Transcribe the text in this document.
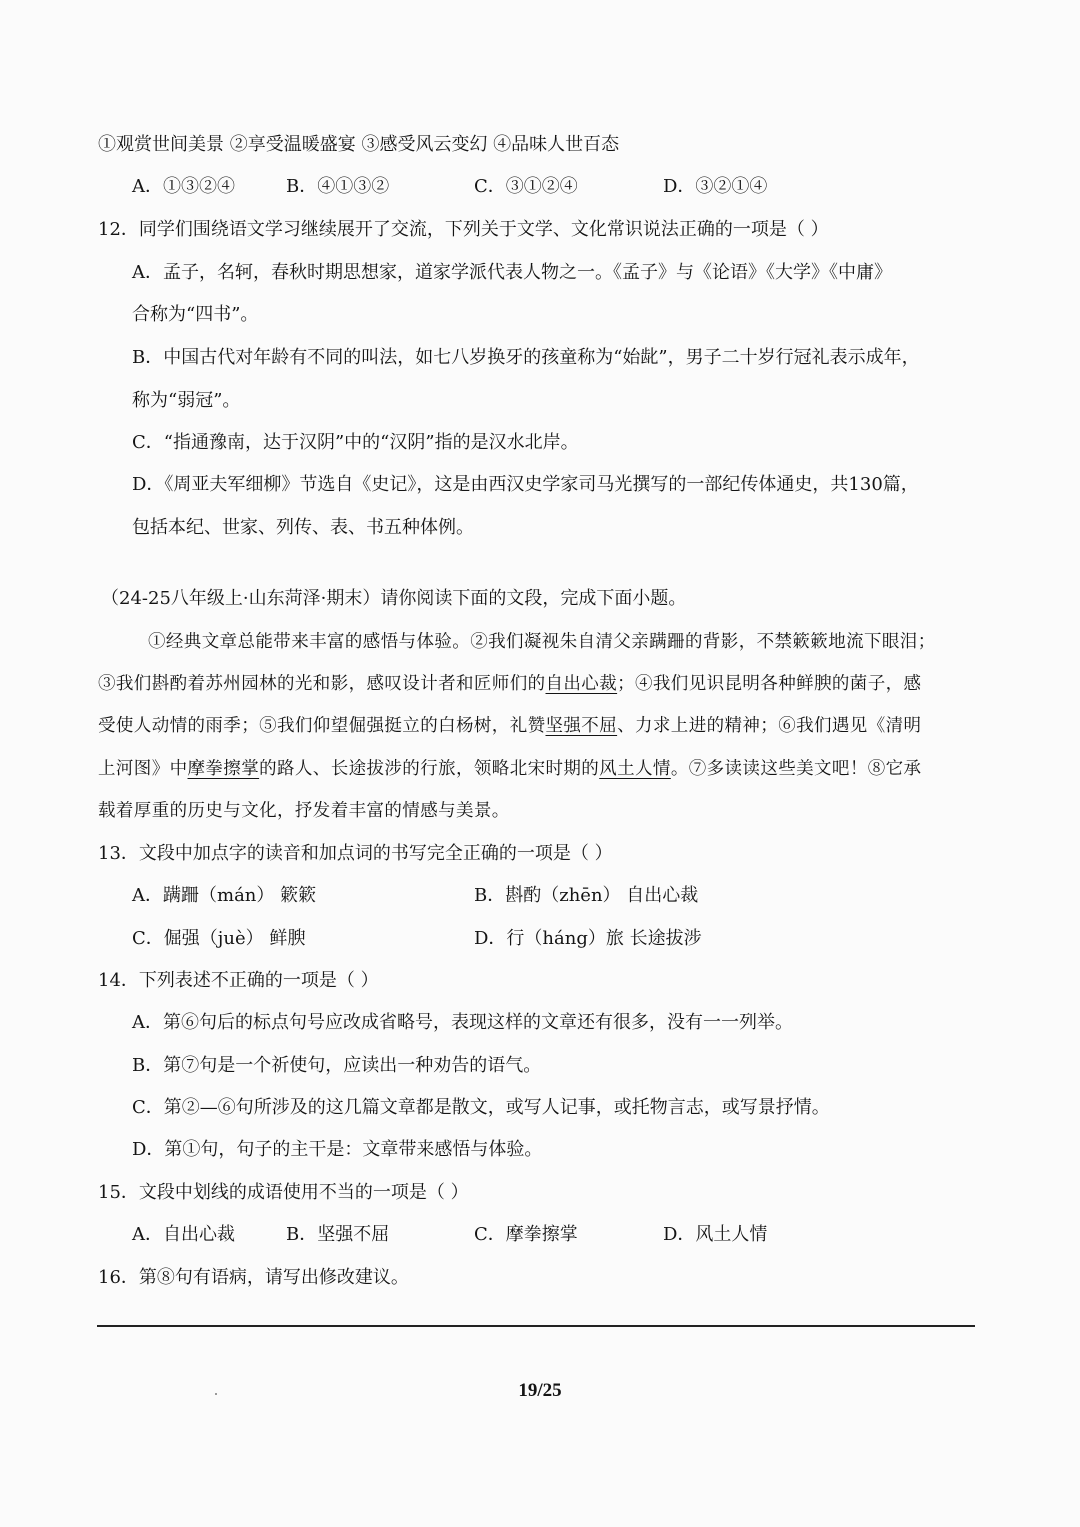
①观赏世间美景 ②享受温暖盛宴 ③感受风云变幻 ④品味人世百态
A．①③②④	B．④①③②	C．③①②④	D．③②①④
12．同学们围绕语文学习继续展开了交流，下列关于文学、文化常识说法正确的一项是（ ）
A．孟子，名轲，春秋时期思想家，道家学派代表人物之一。《孟子》与《论语》《大学》《中庸》
合称为“四书”。
B．中国古代对年龄有不同的叫法，如七八岁换牙的孩童称为“始龀”，男子二十岁行冠礼表示成年，
称为“弱冠”。
C．“指通豫南，达于汉阴”中的“汉阴”指的是汉水北岸。
D．《周亚夫军细柳》节选自《史记》，这是由西汉史学家司马光撰写的一部纪传体通史，共130篇，
包括本纪、世家、列传、表、书五种体例。
（24-25八年级上·山东菏泽·期末）请你阅读下面的文段，完成下面小题。
①经典文章总能带来丰富的感悟与体验。②我们凝视朱自清父亲蹒跚的背影，不禁簌簌地流下眼泪；
③我们斟酌着苏州园林的光和影，感叹设计者和匠师们的自出心裁；④我们见识昆明各种鲜腴的菌子，感
受使人动情的雨季；⑤我们仰望倔强挺立的白杨树，礼赞坚强不屈、力求上进的精神；⑥我们遇见《清明
上河图》中摩拳擦掌的路人、长途拔涉的行旅，领略北宋时期的风土人情。⑦多读读这些美文吧！⑧它承
载着厚重的历史与文化，抒发着丰富的情感与美景。
13．文段中加点字的读音和加点词的书写完全正确的一项是（ ）
A．蹒跚（mán） 簌簌	B．斟酌（zhēn） 自出心裁
C．倔强（juè） 鲜腴	D．行（háng）旅 长途拔涉
14．下列表述不正确的一项是（ ）
A．第⑥句后的标点句号应改成省略号，表现这样的文章还有很多，没有一一列举。
B．第⑦句是一个祈使句，应读出一种劝告的语气。
C．第②—⑥句所涉及的这几篇文章都是散文，或写人记事，或托物言志，或写景抒情。
D．第①句，句子的主干是：文章带来感悟与体验。
15．文段中划线的成语使用不当的一项是（ ）
A．自出心裁	B．坚强不屈	C．摩拳擦掌	D．风土人情
16．第⑧句有语病，请写出修改建议。
19/25
